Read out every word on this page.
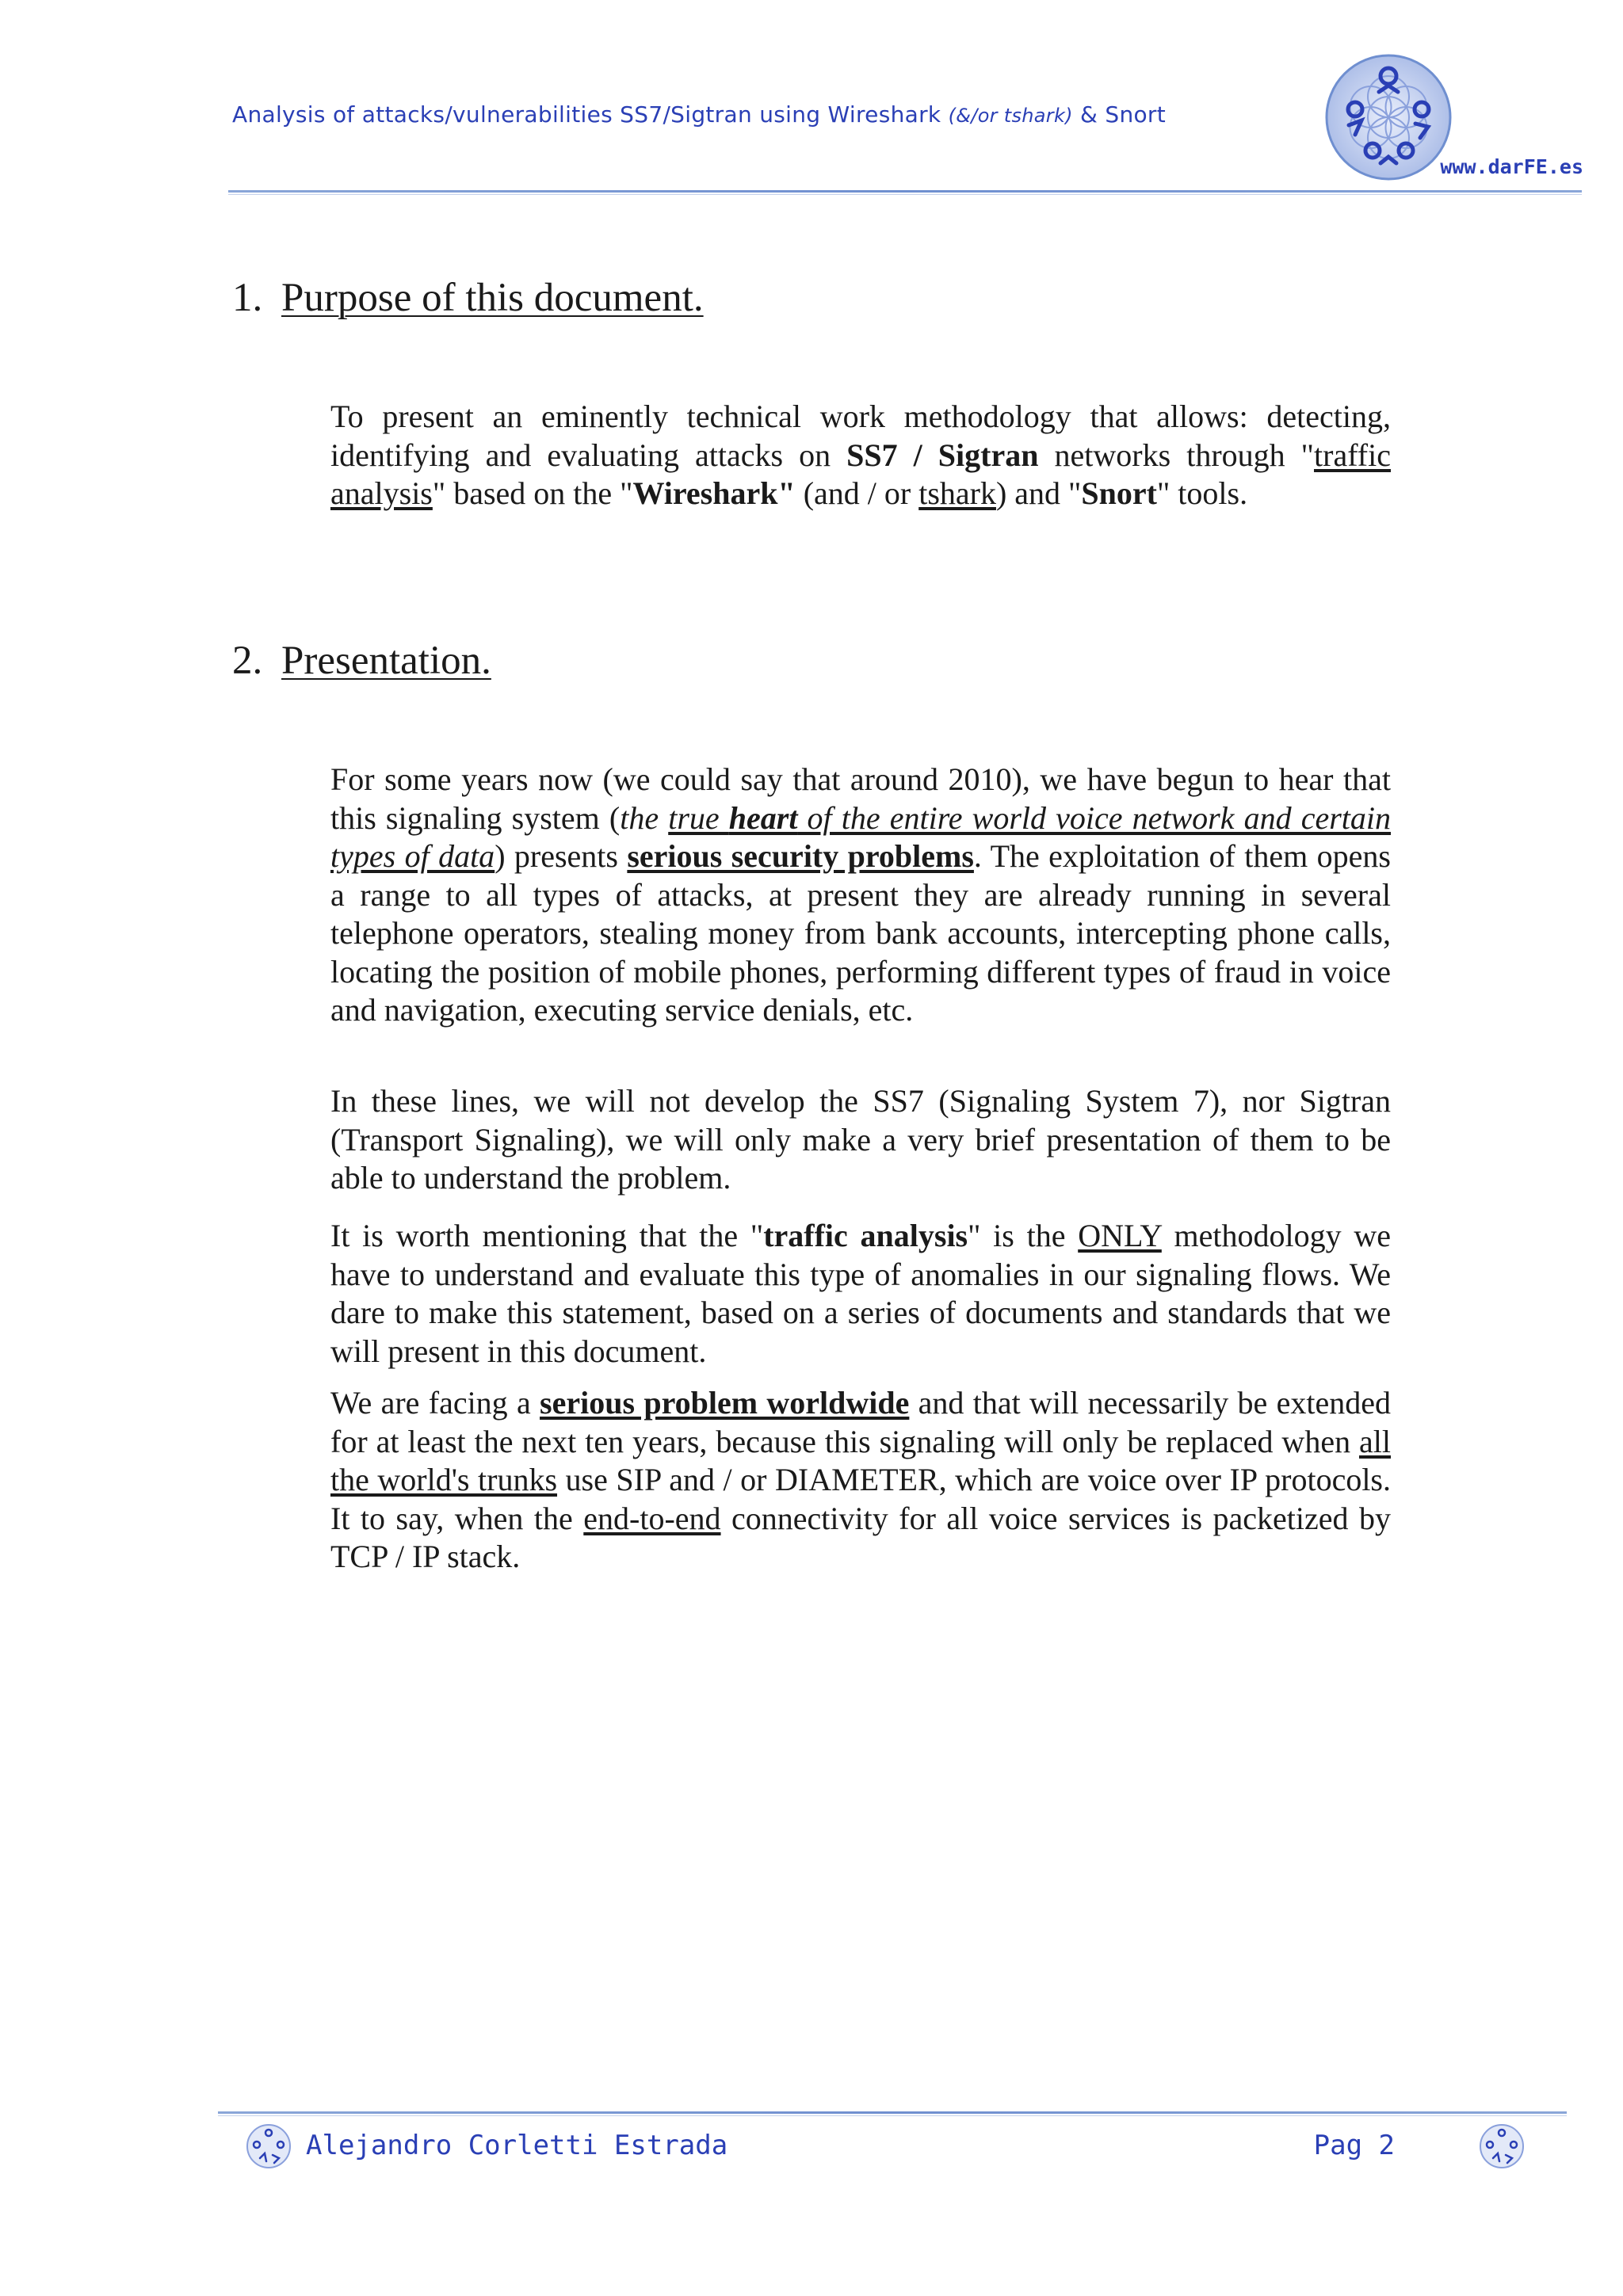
Analysis of attacks/vulnerabilities SS7/Sigtran using Wireshark (&/or tshark) & Snort
www.darFE.es
1. Purpose of this document.

To present an eminently technical work methodology that allows: detecting, identifying and evaluating attacks on SS7 / Sigtran networks through "traffic analysis" based on the "Wireshark" (and / or tshark) and "Snort" tools.

2. Presentation.

For some years now (we could say that around 2010), we have begun to hear that this signaling system (the true heart of the entire world voice network and certain types of data) presents serious security problems. The exploitation of them opens a range to all types of attacks, at present they are already running in several telephone operators, stealing money from bank accounts, intercepting phone calls, locating the position of mobile phones, performing different types of fraud in voice and navigation, executing service denials, etc.

In these lines, we will not develop the SS7 (Signaling System 7), nor Sigtran (Transport Signaling), we will only make a very brief presentation of them to be able to understand the problem.

It is worth mentioning that the "traffic analysis" is the ONLY methodology we have to understand and evaluate this type of anomalies in our signaling flows. We dare to make this statement, based on a series of documents and standards that we will present in this document.

We are facing a serious problem worldwide and that will necessarily be extended for at least the next ten years, because this signaling will only be replaced when all the world's trunks use SIP and / or DIAMETER, which are voice over IP protocols. It to say, when the end-to-end connectivity for all voice services is packetized by TCP / IP stack.

Alejandro Corletti Estrada	Pag 2
